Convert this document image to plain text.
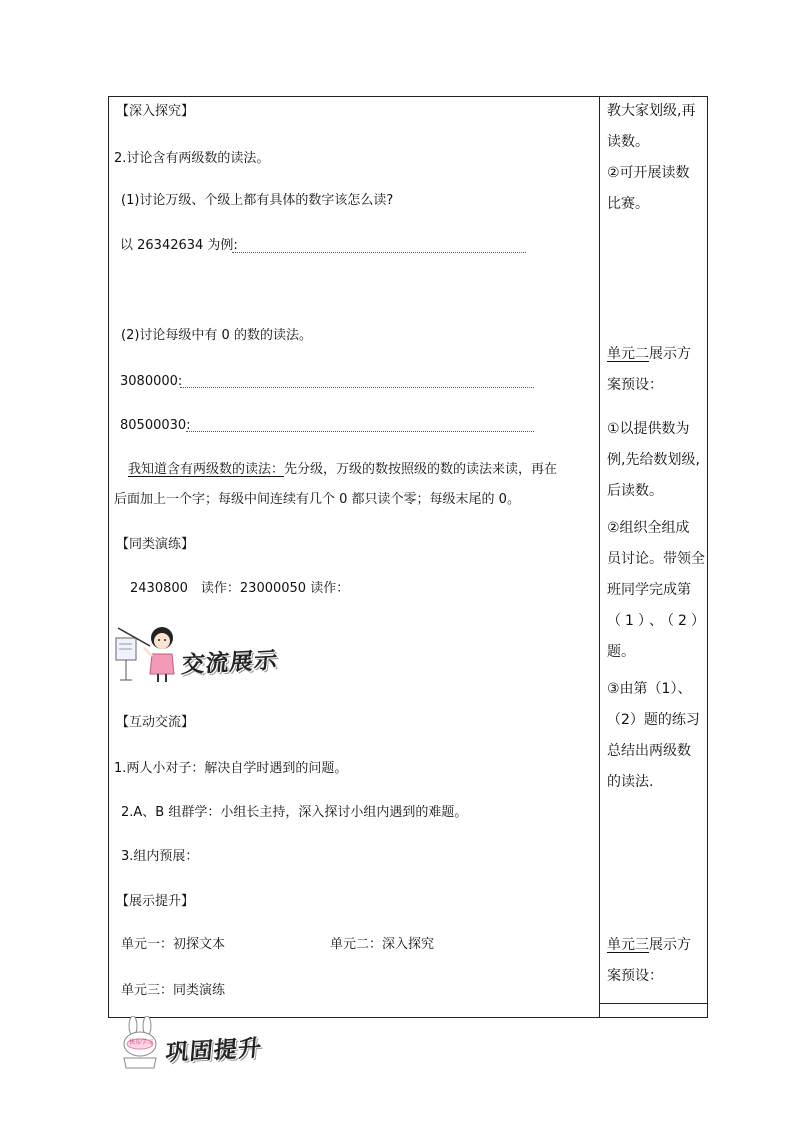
【深入探究】
2.讨论含有两级数的读法。
(1)讨论万级、个级上都有具体的数字该怎么读?
以 26342634 为例:
(2)讨论每级中有 0 的数的读法。
3080000:
80500030:
我知道含有两级数的读法：先分级，万级的数按照级的数的读法来读，再在
后面加上一个字；每级中间连续有几个 0 都只读个零；每级末尾的 0。
【同类演练】
2430800　读作：23000050 读作：
交流展示
【互动交流】
1.两人小对子：解决自学时遇到的问题。
2.A、B 组群学：小组长主持，深入探讨小组内遇到的难题。
3.组内预展：
【展示提升】
单元一：初探文本	单元二：深入探究
单元三：同类演练
快乐学习 巩固提升
教大家划级,再
读数。
②可开展读数
比赛。
单元二展示方
案预设：
①以提供数为
例,先给数划级,
后读数。
②组织全组成
员讨论。带领全
班同学完成第
（1）、（2）题。
③由第（1）、
（2）题的练习
总结出两级数
的读法.
单元三展示方
案预设：
